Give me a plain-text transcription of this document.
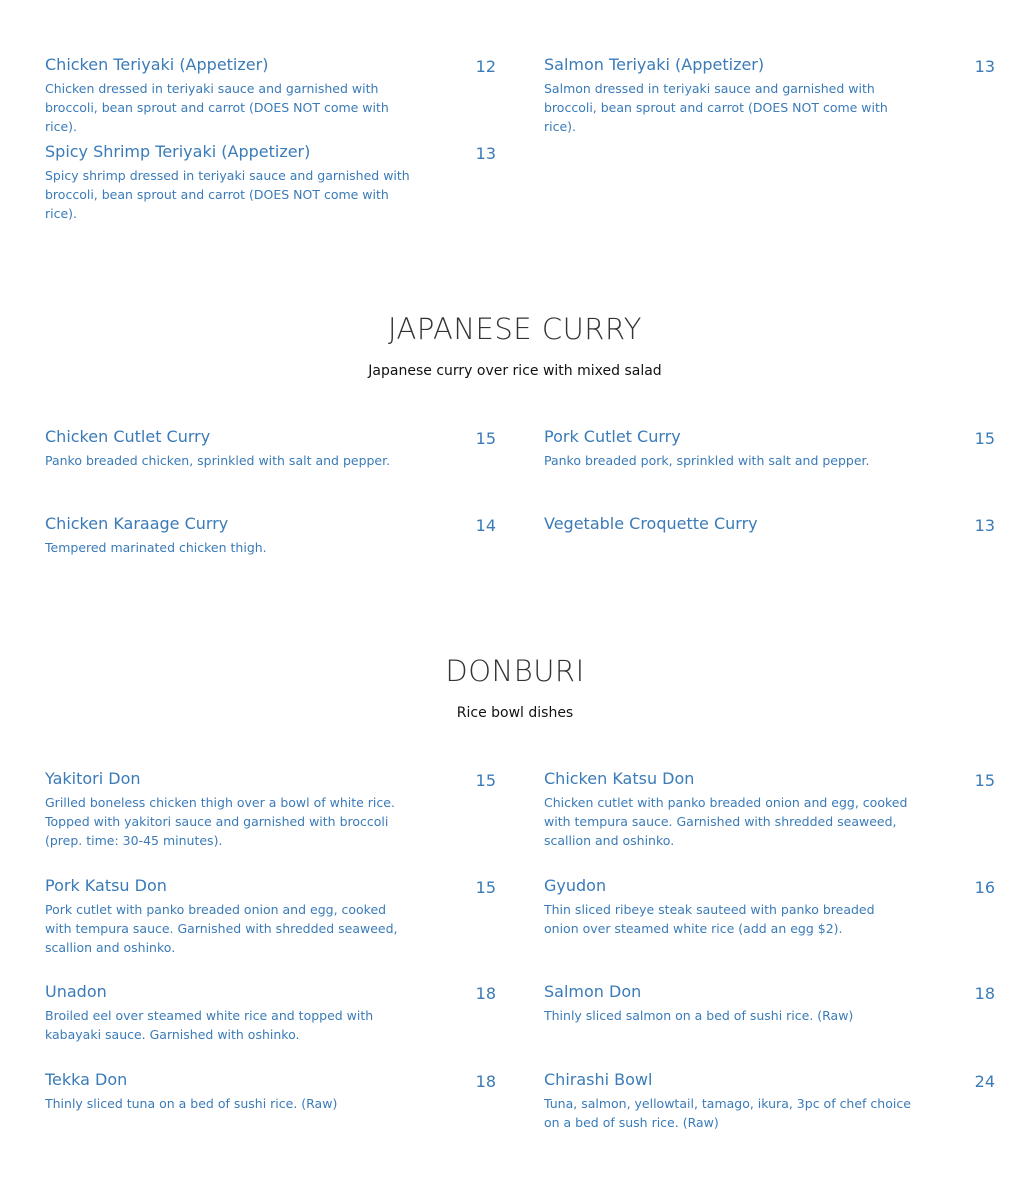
Chicken Teriyaki (Appetizer)	12
Chicken dressed in teriyaki sauce and garnished with broccoli, bean sprout and carrot (DOES NOT come with rice).
Salmon Teriyaki (Appetizer)	13
Salmon dressed in teriyaki sauce and garnished with broccoli, bean sprout and carrot (DOES NOT come with rice).
Spicy Shrimp Teriyaki (Appetizer)	13
Spicy shrimp dressed in teriyaki sauce and garnished with broccoli, bean sprout and carrot (DOES NOT come with rice).
JAPANESE CURRY

Japanese curry over rice with mixed salad

Chicken Cutlet Curry	15
Panko breaded chicken, sprinkled with salt and pepper.
Pork Cutlet Curry	15
Panko breaded pork, sprinkled with salt and pepper.
Chicken Karaage Curry	14
Tempered marinated chicken thigh.
Vegetable Croquette Curry	13
DONBURI

Rice bowl dishes

Yakitori Don	15
Grilled boneless chicken thigh over a bowl of white rice. Topped with yakitori sauce and garnished with broccoli (prep. time: 30-45 minutes).
Chicken Katsu Don	15
Chicken cutlet with panko breaded onion and egg, cooked with tempura sauce. Garnished with shredded seaweed, scallion and oshinko.
Pork Katsu Don	15
Pork cutlet with panko breaded onion and egg, cooked with tempura sauce. Garnished with shredded seaweed, scallion and oshinko.
Gyudon	16
Thin sliced ribeye steak sauteed with panko breaded onion over steamed white rice (add an egg $2).
Unadon	18
Broiled eel over steamed white rice and topped with kabayaki sauce. Garnished with oshinko.
Salmon Don	18
Thinly sliced salmon on a bed of sushi rice. (Raw)
Tekka Don	18
Thinly sliced tuna on a bed of sushi rice. (Raw)
Chirashi Bowl	24
Tuna, salmon, yellowtail, tamago, ikura, 3pc of chef choice on a bed of sush rice. (Raw)
